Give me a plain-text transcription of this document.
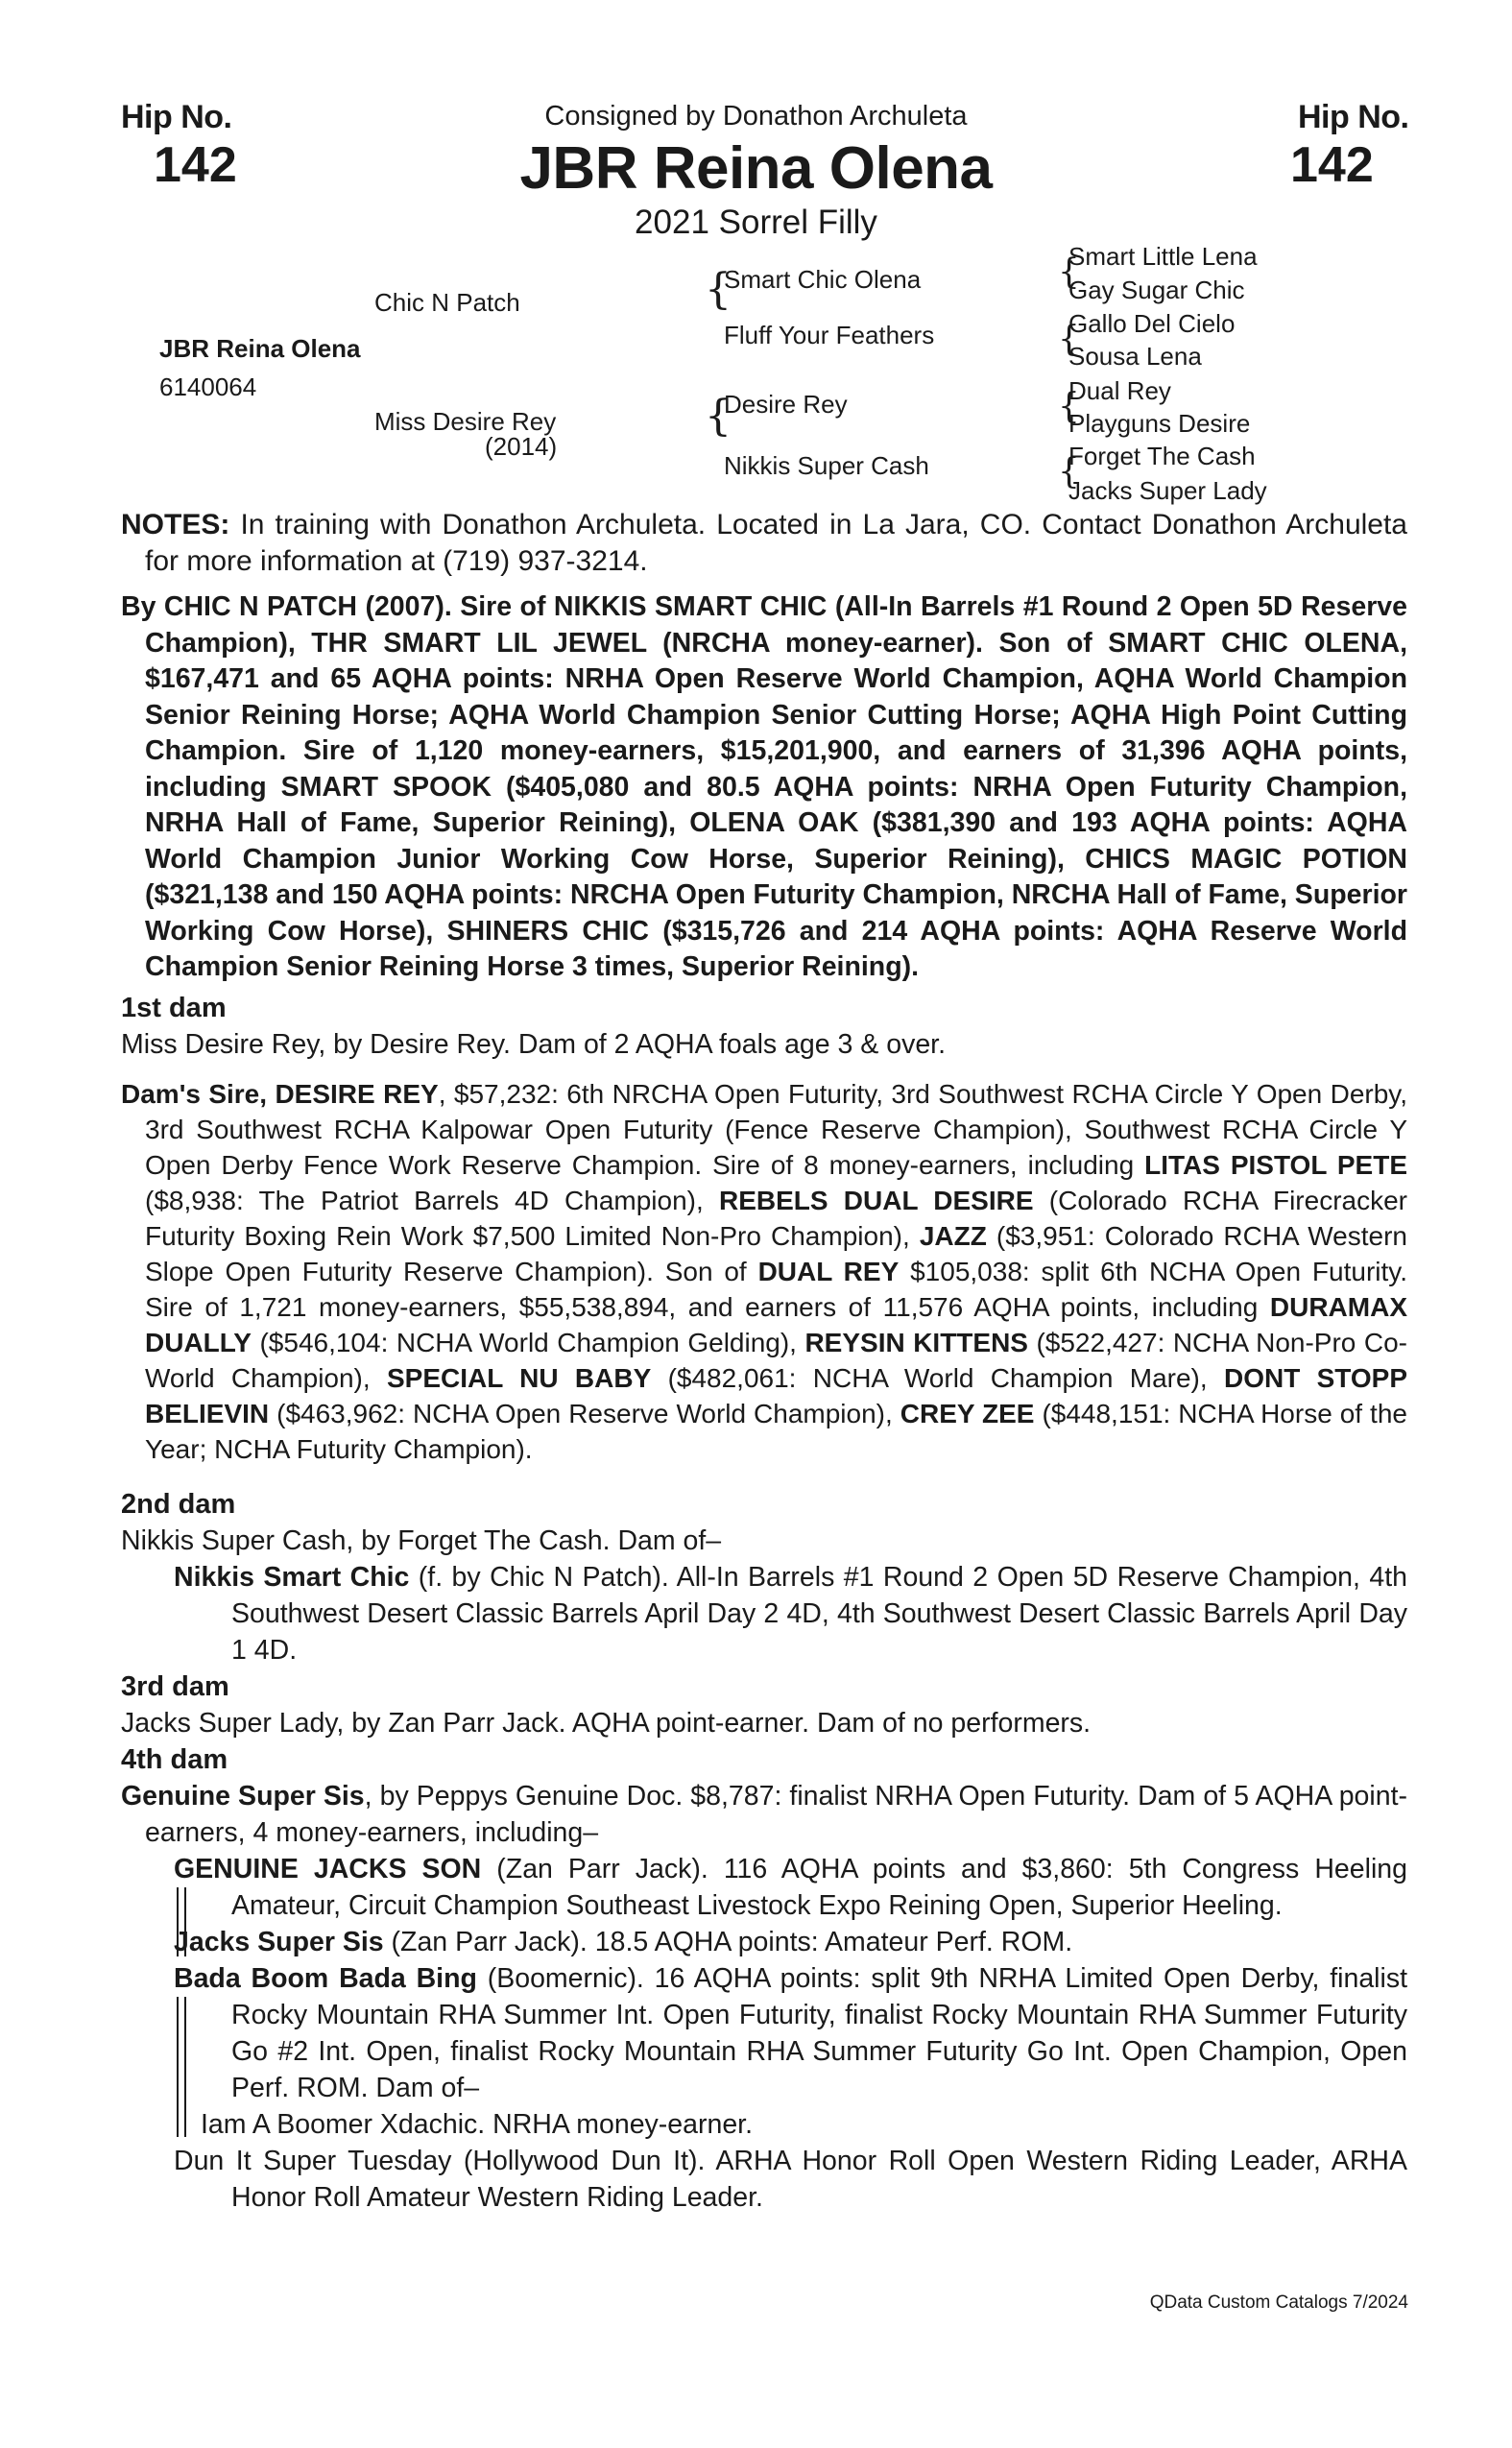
Hip No.
142
Hip No.
142
Consigned by Donathon Archuleta
JBR Reina Olena
2021 Sorrel Filly
JBR Reina Olena
6140064
Chic N Patch
Miss Desire Rey
(2014)
{
Smart Chic Olena
Fluff Your Feathers
{
Desire Rey
Nikkis Super Cash
{
Smart Little Lena
Gay Sugar Chic
{
Gallo Del Cielo
Sousa Lena
{
Dual Rey
Playguns Desire
{
Forget The Cash
Jacks Super Lady

NOTES: In training with Donathon Archuleta. Located in La Jara, CO. Contact Donathon Archuleta for more information at (719) 937-3214.

By CHIC N PATCH (2007). Sire of NIKKIS SMART CHIC (All-In Barrels #1 Round 2 Open 5D Reserve Champion), THR SMART LIL JEWEL (NRCHA money-earner). Son of SMART CHIC OLENA, $167,471 and 65 AQHA points: NRHA Open Reserve World Champion, AQHA World Champion Senior Reining Horse; AQHA World Champion Senior Cutting Horse; AQHA High Point Cutting Champion. Sire of 1,120 money-earners, $15,201,900, and earners of 31,396 AQHA points, including SMART SPOOK ($405,080 and 80.5 AQHA points: NRHA Open Futurity Champion, NRHA Hall of Fame, Superior Reining), OLENA OAK ($381,390 and 193 AQHA points: AQHA World Champion Junior Working Cow Horse, Superior Reining), CHICS MAGIC POTION ($321,138 and 150 AQHA points: NRCHA Open Futurity Champion, NRCHA Hall of Fame, Superior Working Cow Horse), SHINERS CHIC ($315,726 and 214 AQHA points: AQHA Reserve World Champion Senior Reining Horse 3 times, Superior Reining).

1st dam

Miss Desire Rey, by Desire Rey. Dam of 2 AQHA foals age 3 & over.

Dam's Sire, DESIRE REY, $57,232: 6th NRCHA Open Futurity, 3rd Southwest RCHA Circle Y Open Derby, 3rd Southwest RCHA Kalpowar Open Futurity (Fence Reserve Champion), Southwest RCHA Circle Y Open Derby Fence Work Reserve Champion. Sire of 8 money-earners, including LITAS PISTOL PETE ($8,938: The Patriot Barrels 4D Champion), REBELS DUAL DESIRE (Colorado RCHA Firecracker Futurity Boxing Rein Work $7,500 Limited Non-Pro Champion), JAZZ ($3,951: Colorado RCHA Western Slope Open Futurity Reserve Champion). Son of DUAL REY $105,038: split 6th NCHA Open Futurity. Sire of 1,721 money-earners, $55,538,894, and earners of 11,576 AQHA points, including DURAMAX DUALLY ($546,104: NCHA World Champion Gelding), REYSIN KITTENS ($522,427: NCHA Non-Pro Co-World Champion), SPECIAL NU BABY ($482,061: NCHA World Champion Mare), DONT STOPP BELIEVIN ($463,962: NCHA Open Reserve World Champion), CREY ZEE ($448,151: NCHA Horse of the Year; NCHA Futurity Champion).

2nd dam

Nikkis Super Cash, by Forget The Cash. Dam of–

Nikkis Smart Chic (f. by Chic N Patch). All-In Barrels #1 Round 2 Open 5D Reserve Champion, 4th Southwest Desert Classic Barrels April Day 2 4D, 4th Southwest Desert Classic Barrels April Day 1 4D.

3rd dam

Jacks Super Lady, by Zan Parr Jack. AQHA point-earner. Dam of no performers.

4th dam

Genuine Super Sis, by Peppys Genuine Doc. $8,787: finalist NRHA Open Futurity. Dam of 5 AQHA point-earners, 4 money-earners, including–

GENUINE JACKS SON (Zan Parr Jack). 116 AQHA points and $3,860: 5th Congress Heeling Amateur, Circuit Champion Southeast Livestock Expo Reining Open, Superior Heeling.

Jacks Super Sis (Zan Parr Jack). 18.5 AQHA points: Amateur Perf. ROM.

Bada Boom Bada Bing (Boomernic). 16 AQHA points: split 9th NRHA Limited Open Derby, finalist Rocky Mountain RHA Summer Int. Open Futurity, finalist Rocky Mountain RHA Summer Futurity Go #2 Int. Open, finalist Rocky Mountain RHA Summer Futurity Go Int. Open Champion, Open Perf. ROM. Dam of–

Iam A Boomer Xdachic. NRHA money-earner.

Dun It Super Tuesday (Hollywood Dun It). ARHA Honor Roll Open Western Riding Leader, ARHA Honor Roll Amateur Western Riding Leader.

QData Custom Catalogs 7/2024
